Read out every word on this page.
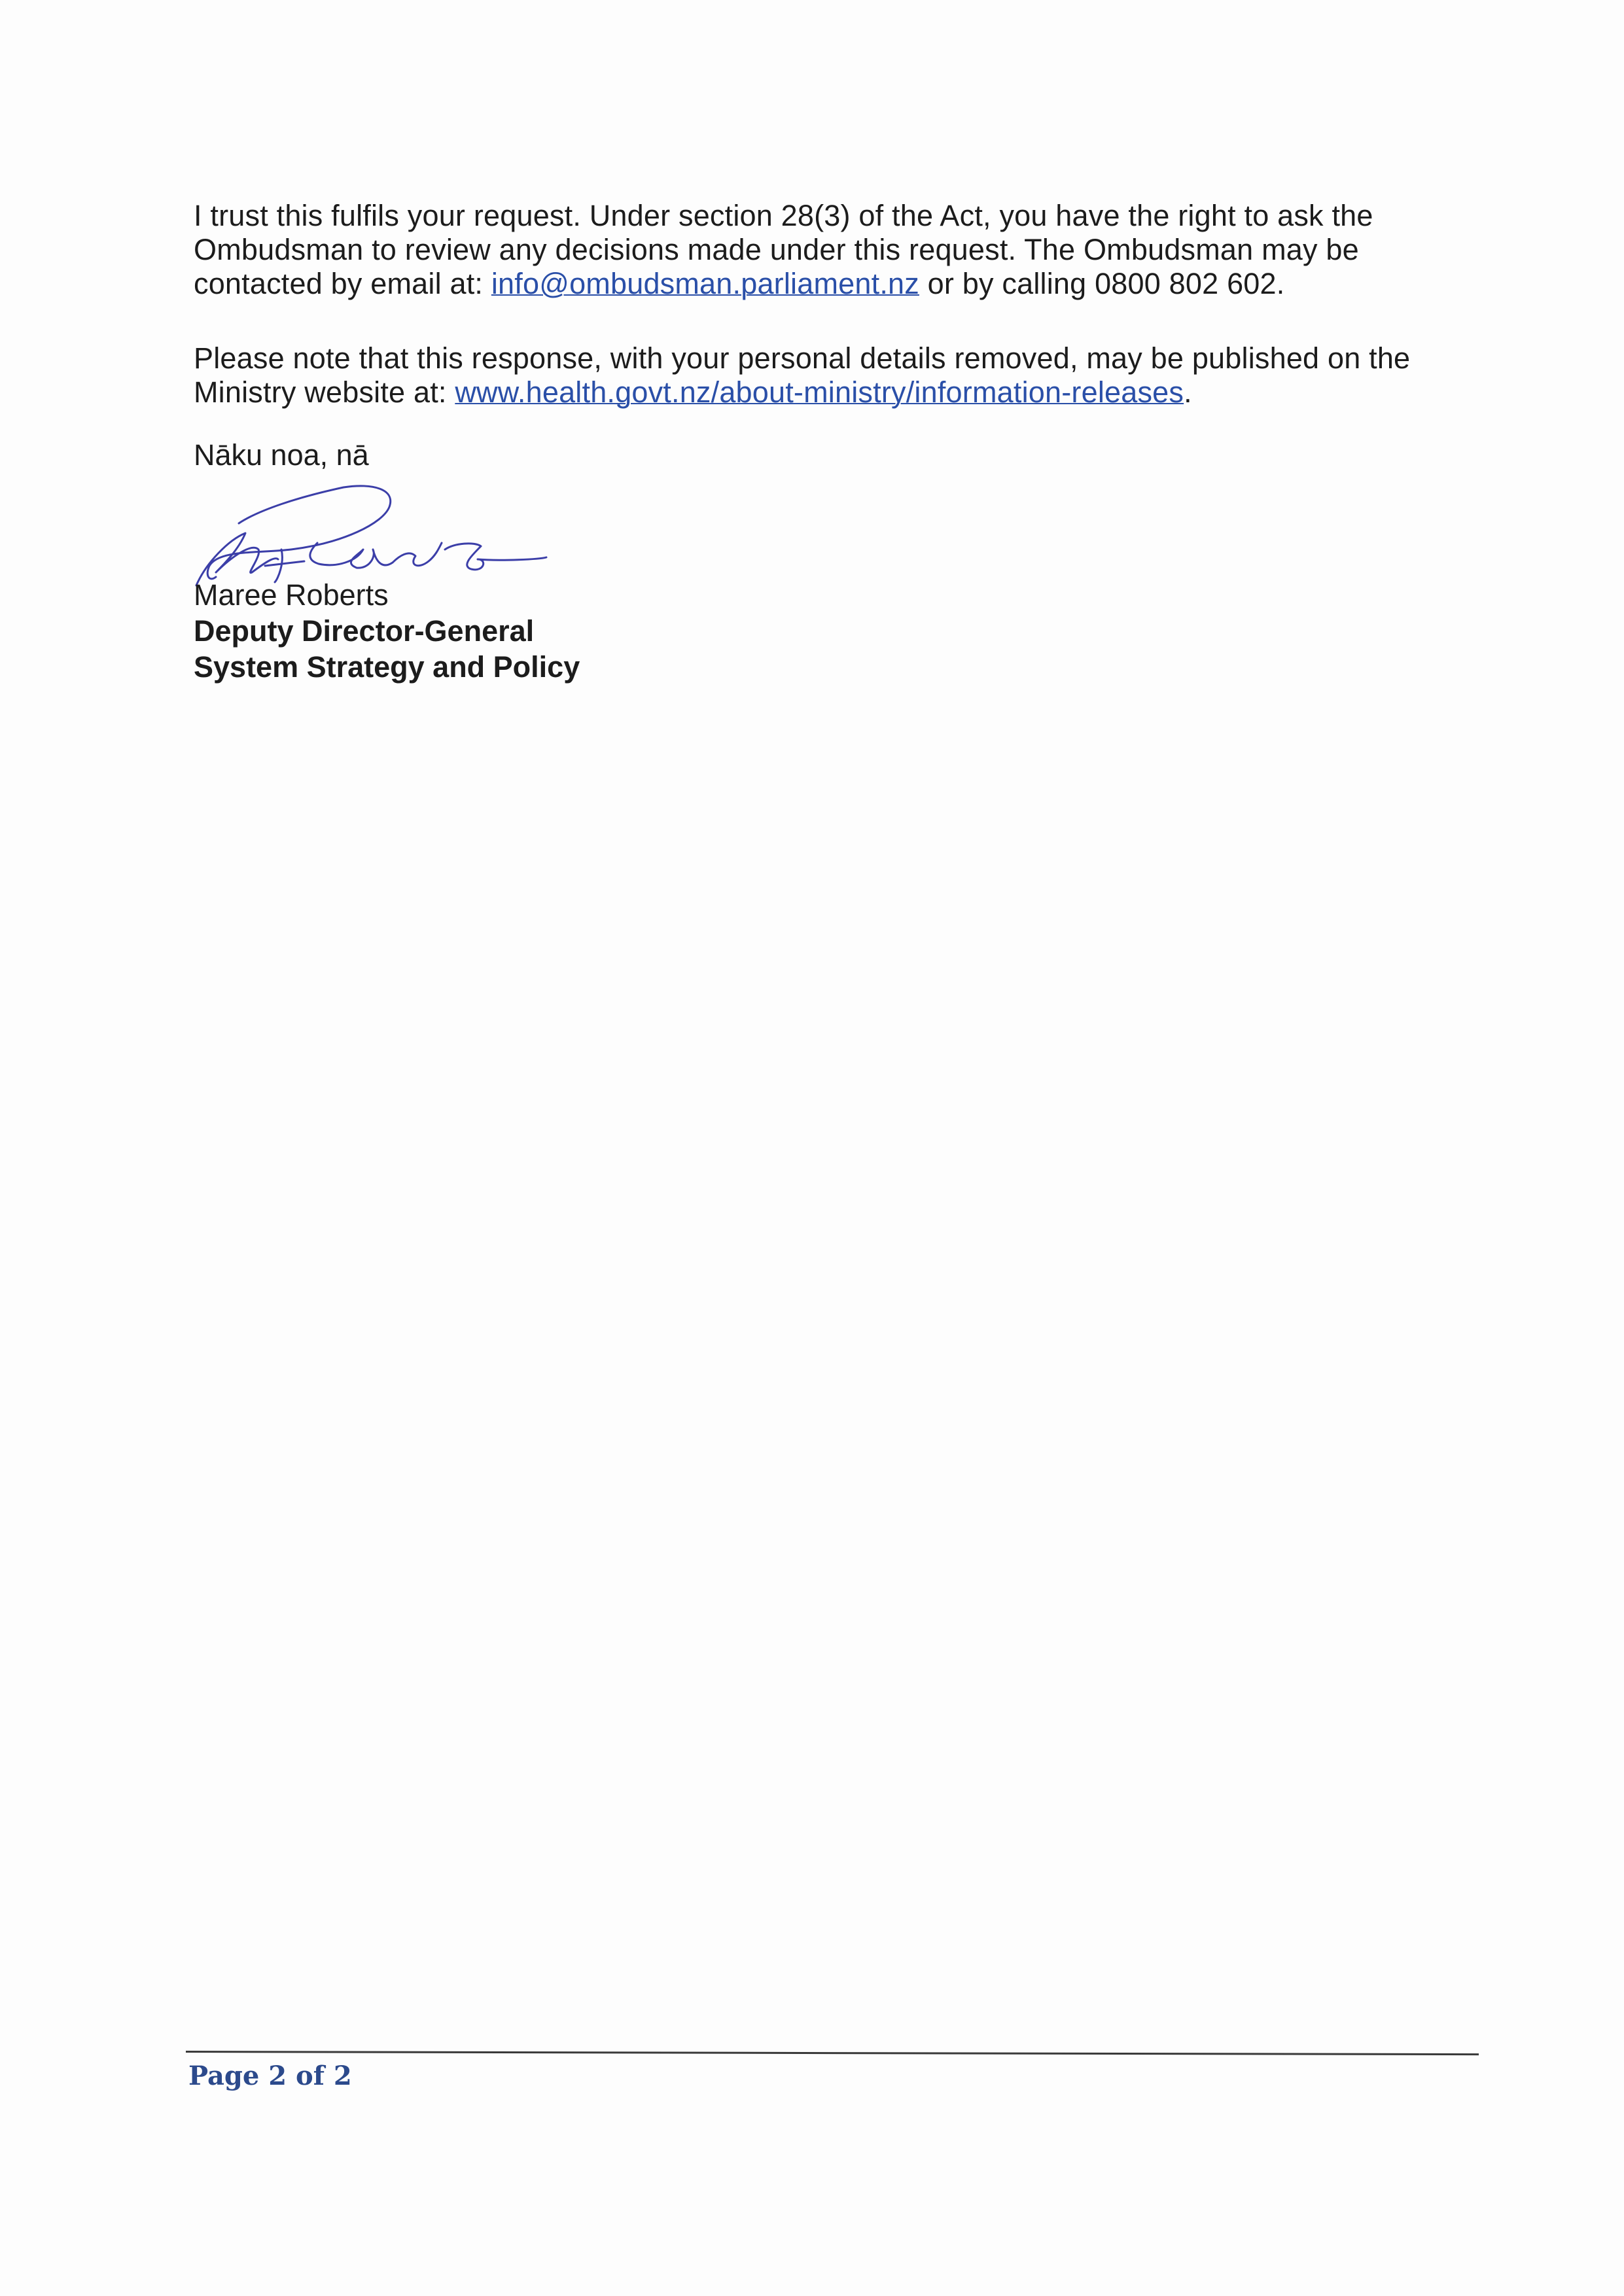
I trust this fulfils your request. Under section 28(3) of the Act, you have the right to ask the

Ombudsman to review any decisions made under this request. The Ombudsman may be

contacted by email at: info@ombudsman.parliament.nz or by calling 0800 802 602.

Please note that this response, with your personal details removed, may be published on the

Ministry website at: www.health.govt.nz/about-ministry/information-releases.

Nāku noa, nā
Maree Roberts
Deputy Director-General
System Strategy and Policy
Page 2 of 2
